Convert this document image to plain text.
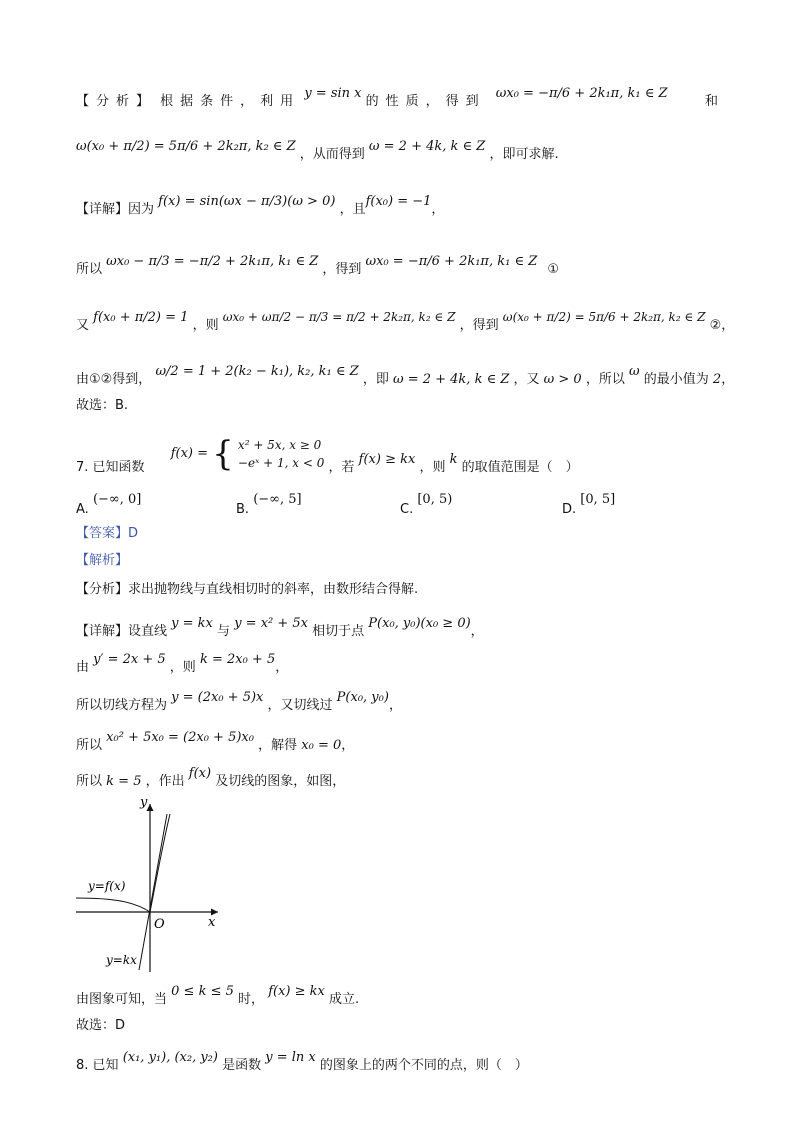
【分析】 根据条件，利用 y = sin x 的性质，得到 ωx₀ = −π/6 + 2k₁π, k₁ ∈ Z
和
ω(x₀ + π/2) = 5π/6 + 2k₂π, k₂ ∈ Z ，从而得到 ω = 2 + 4k, k ∈ Z ，即可求解.
【详解】因为 f(x) = sin(ωx − π/3)(ω > 0) ，且f(x₀) = −1，
所以 ωx₀ − π/3 = −π/2 + 2k₁π, k₁ ∈ Z ，得到 ωx₀ = −π/6 + 2k₁π, k₁ ∈ Z ①
又 f(x₀ + π/2) = 1 ，则 ωx₀ + ωπ/2 − π/3 = π/2 + 2k₂π, k₂ ∈ Z ，得到 ω(x₀ + π/2) = 5π/6 + 2k₂π, k₂ ∈ Z ②，
由①②得到， ω/2 = 1 + 2(k₂ − k₁), k₂, k₁ ∈ Z ，即 ω = 2 + 4k, k ∈ Z ，又 ω > 0 ，所以 ω 的最小值为 2，
故选：B.
7. 已知函数 f(x) = { x² + 5x, x ≥ 0
−eˣ + 1, x < 0 ，若 f(x) ≥ kx ，则 k 的取值范围是（　）
A. (−∞, 0]
B. (−∞, 5]
C. [0, 5)
D. [0, 5]
【答案】D
【解析】
【分析】求出抛物线与直线相切时的斜率，由数形结合得解.
【详解】设直线 y = kx 与 y = x² + 5x 相切于点 P(x₀, y₀)(x₀ ≥ 0)，
由 y′ = 2x + 5 ，则 k = 2x₀ + 5，
所以切线方程为 y = (2x₀ + 5)x ，又切线过 P(x₀, y₀)，
所以 x₀² + 5x₀ = (2x₀ + 5)x₀ ，解得 x₀ = 0，
所以 k = 5 ，作出 f(x) 及切线的图象，如图，
y
x
O
y=f(x)
y=kx
由图象可知，当 0 ≤ k ≤ 5 时， f(x) ≥ kx 成立.
故选：D
8. 已知 (x₁, y₁), (x₂, y₂) 是函数 y = ln x 的图象上的两个不同的点，则（　）
